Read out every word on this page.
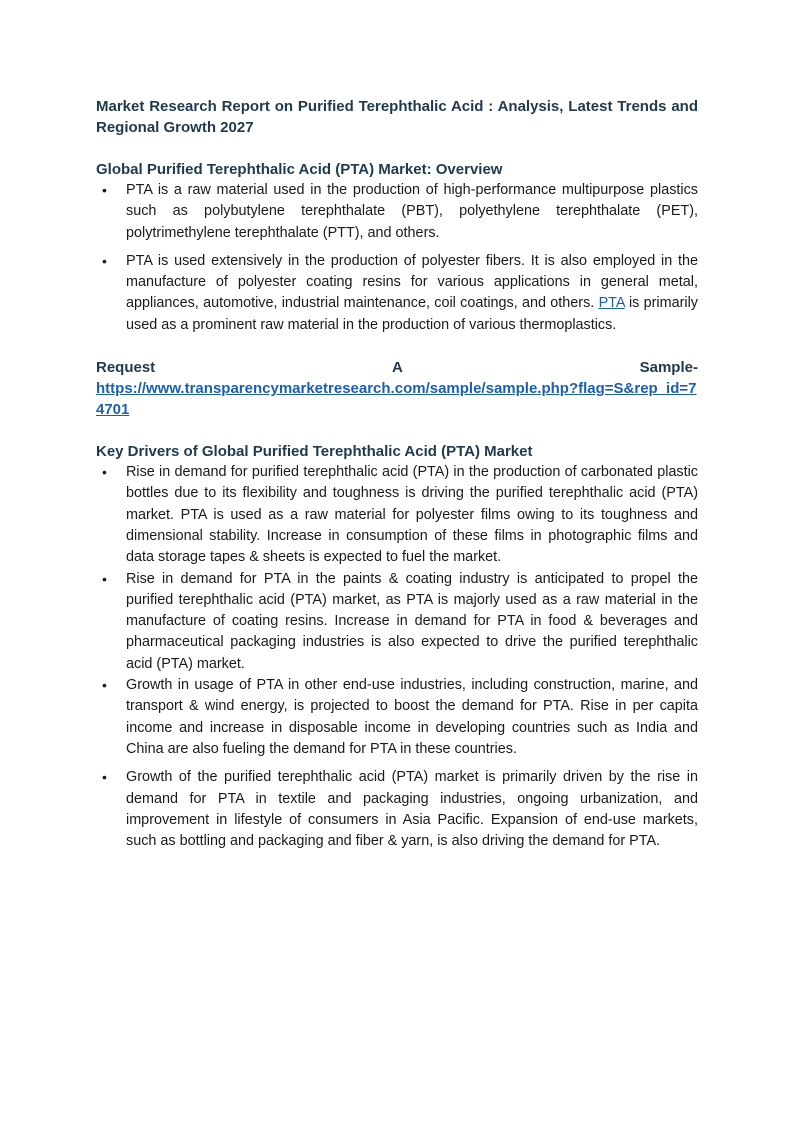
Market Research Report on Purified Terephthalic Acid : Analysis, Latest Trends and Regional Growth 2027
Global Purified Terephthalic Acid (PTA) Market: Overview
• PTA is a raw material used in the production of high-performance multipurpose plastics such as polybutylene terephthalate (PBT), polyethylene terephthalate (PET), polytrimethylene terephthalate (PTT), and others.
• PTA is used extensively in the production of polyester fibers. It is also employed in the manufacture of polyester coating resins for various applications in general metal, appliances, automotive, industrial maintenance, coil coatings, and others. PTA is primarily used as a prominent raw material in the production of various thermoplastics.
Request	A	Sample-
https://www.transparencymarketresearch.com/sample/sample.php?flag=S&rep_id=74701
Key Drivers of Global Purified Terephthalic Acid (PTA) Market
• Rise in demand for purified terephthalic acid (PTA) in the production of carbonated plastic bottles due to its flexibility and toughness is driving the purified terephthalic acid (PTA) market. PTA is used as a raw material for polyester films owing to its toughness and dimensional stability. Increase in consumption of these films in photographic films and data storage tapes & sheets is expected to fuel the market.
• Rise in demand for PTA in the paints & coating industry is anticipated to propel the purified terephthalic acid (PTA) market, as PTA is majorly used as a raw material in the manufacture of coating resins. Increase in demand for PTA in food & beverages and pharmaceutical packaging industries is also expected to drive the purified terephthalic acid (PTA) market.
• Growth in usage of PTA in other end-use industries, including construction, marine, and transport & wind energy, is projected to boost the demand for PTA. Rise in per capita income and increase in disposable income in developing countries such as India and China are also fueling the demand for PTA in these countries.
• Growth of the purified terephthalic acid (PTA) market is primarily driven by the rise in demand for PTA in textile and packaging industries, ongoing urbanization, and improvement in lifestyle of consumers in Asia Pacific. Expansion of end-use markets, such as bottling and packaging and fiber & yarn, is also driving the demand for PTA.
